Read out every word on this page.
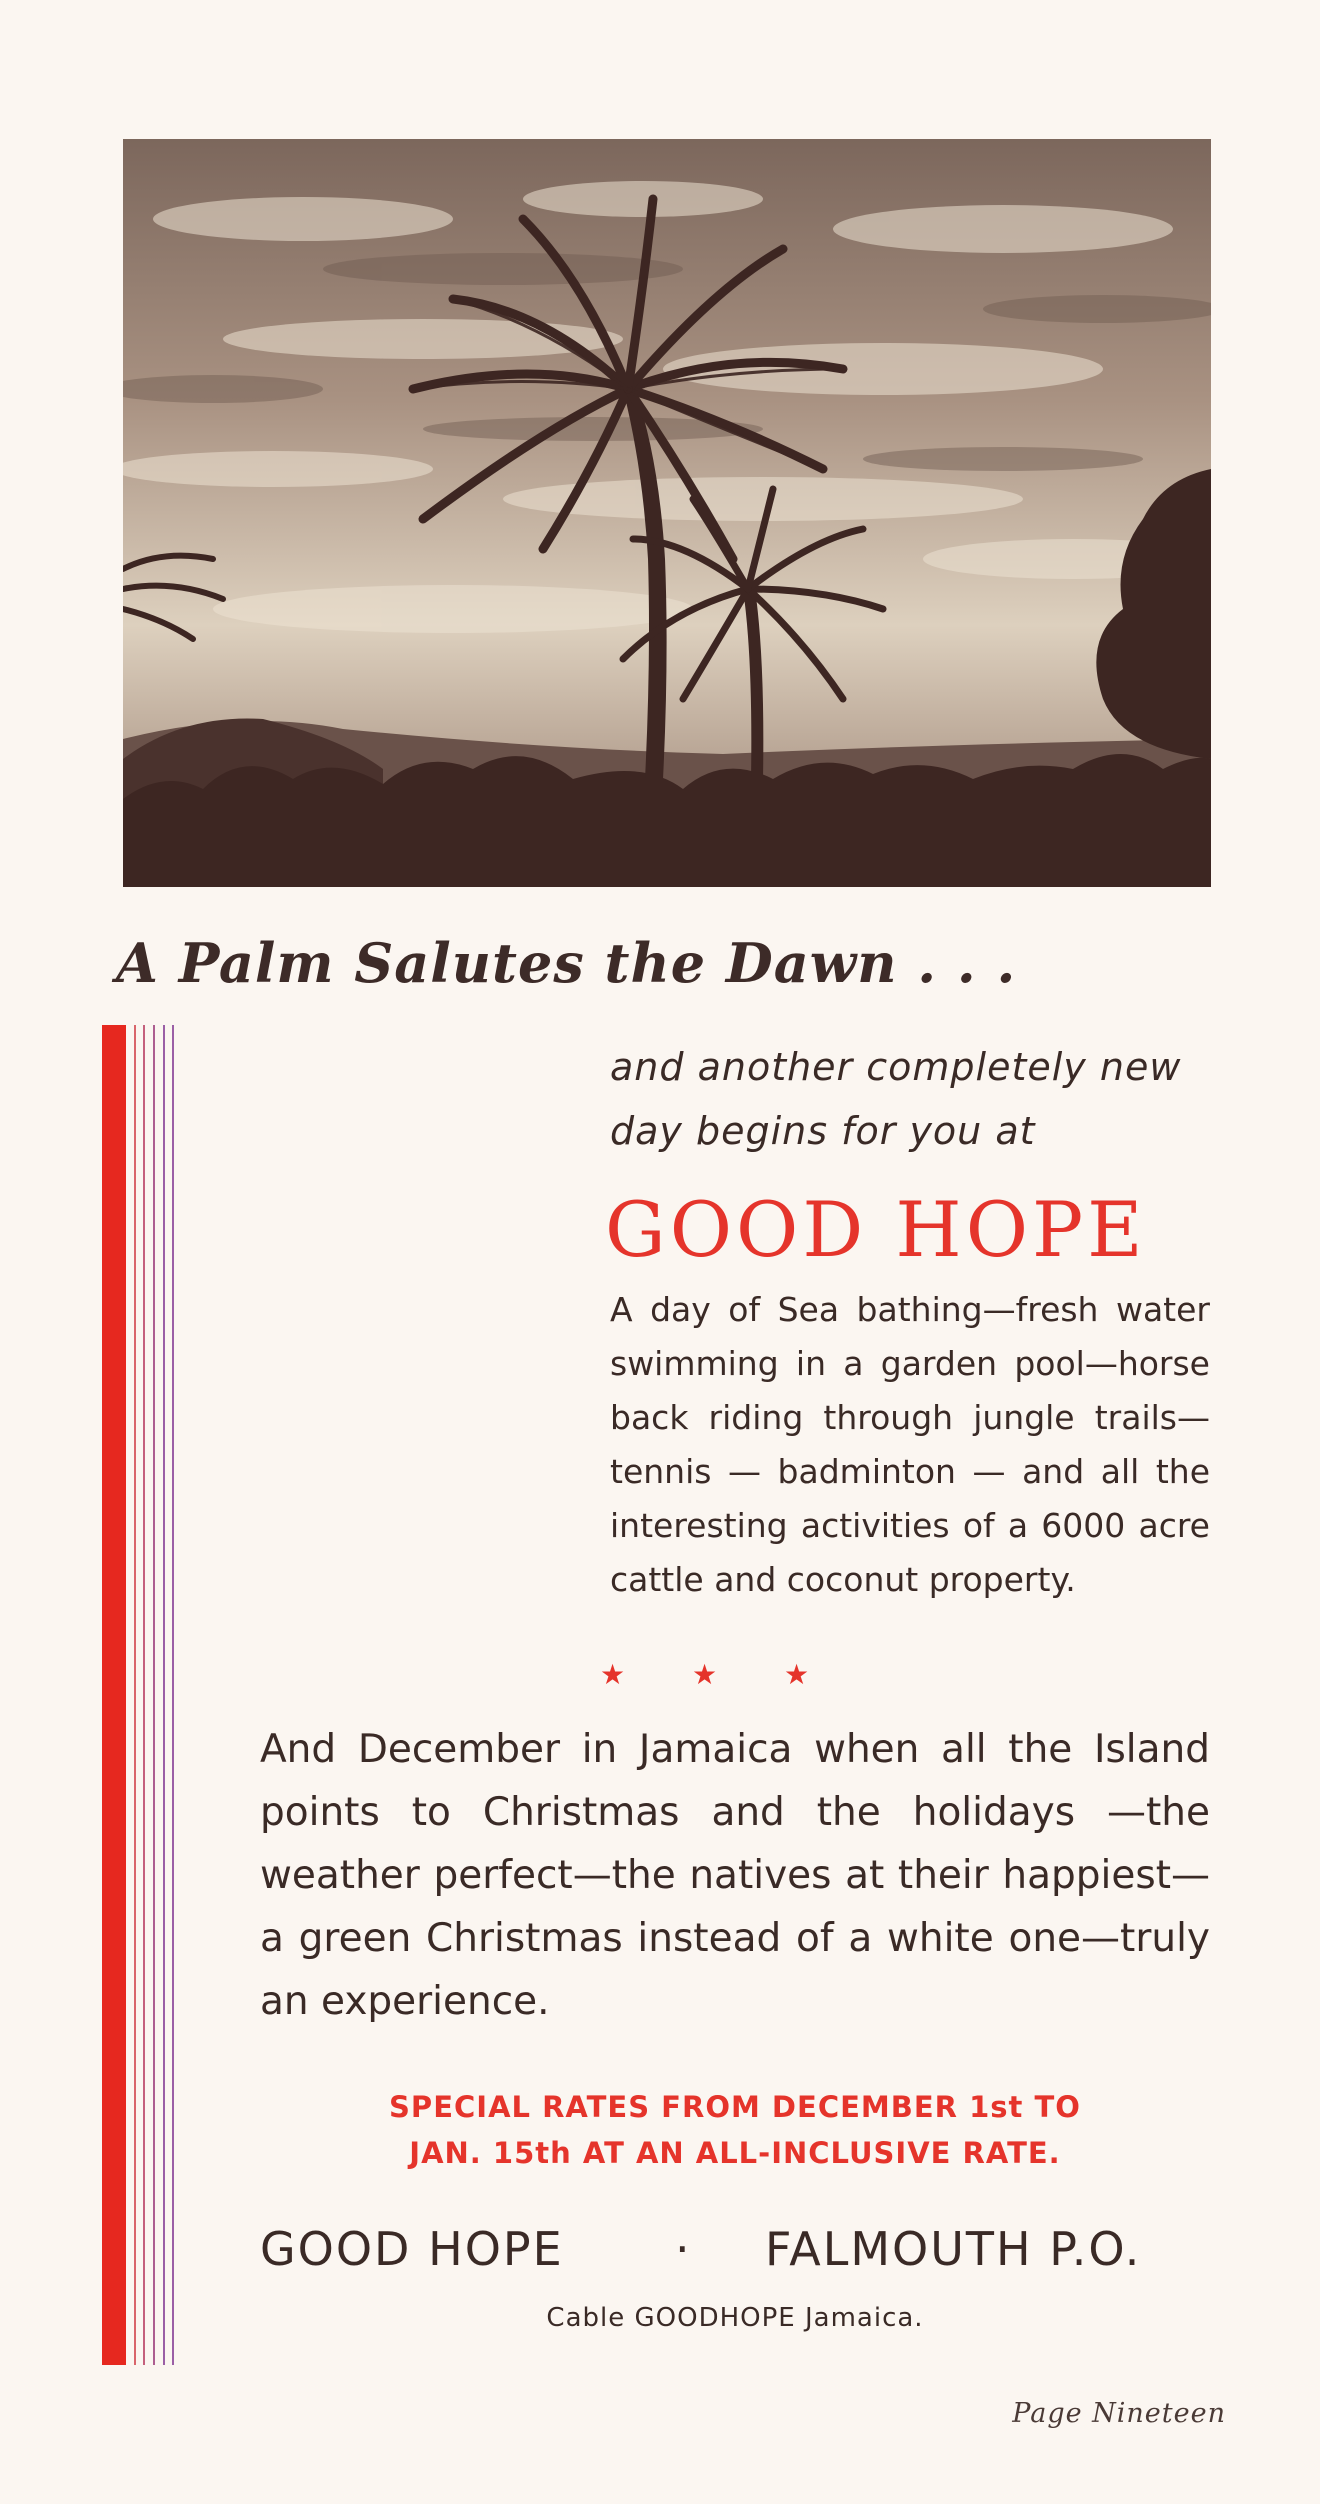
A Palm Salutes the Dawn . . .

and another completely new
day begins for you at

GOOD HOPE

A day of Sea bathing—fresh water swimming in a garden pool—horse back riding through jungle trails— tennis — badminton — and all the interesting activities of a 6000 acre cattle and coconut property.

★ ★ ★

And December in Jamaica when all the Island points to Christmas and the holidays —the weather perfect—the natives at their happiest—a green Christmas instead of a white one—truly an experience.

SPECIAL RATES FROM DECEMBER 1st TO
JAN. 15th AT AN ALL-INCLUSIVE RATE.

GOOD HOPE · FALMOUTH P.O.

Cable GOODHOPE Jamaica.

Page Nineteen
